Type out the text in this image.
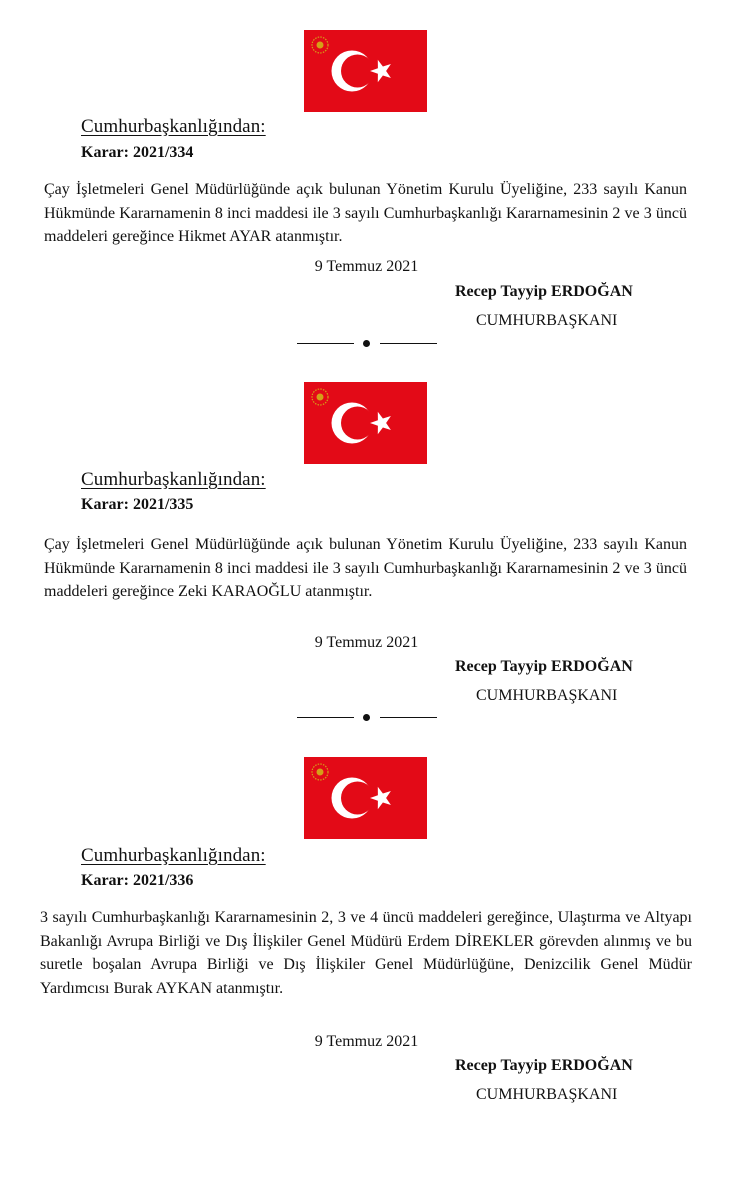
Cumhurbaşkanlığından:
Karar: 2021/334
Çay İşletmeleri Genel Müdürlüğünde açık bulunan Yönetim Kurulu Üyeliğine, 233 sayılı Kanun Hükmünde Kararnamenin 8 inci maddesi ile 3 sayılı Cumhurbaşkanlığı Kararnamesinin 2 ve 3 üncü maddeleri gereğince Hikmet AYAR atanmıştır.
9 Temmuz 2021
Recep Tayyip ERDOĞAN
CUMHURBAŞKANI
Cumhurbaşkanlığından:
Karar: 2021/335
Çay İşletmeleri Genel Müdürlüğünde açık bulunan Yönetim Kurulu Üyeliğine, 233 sayılı Kanun Hükmünde Kararnamenin 8 inci maddesi ile 3 sayılı Cumhurbaşkanlığı Kararnamesinin 2 ve 3 üncü maddeleri gereğince Zeki KARAOĞLU atanmıştır.
9 Temmuz 2021
Recep Tayyip ERDOĞAN
CUMHURBAŞKANI
Cumhurbaşkanlığından:
Karar: 2021/336
3 sayılı Cumhurbaşkanlığı Kararnamesinin 2, 3 ve 4 üncü maddeleri gereğince, Ulaştırma ve Altyapı Bakanlığı Avrupa Birliği ve Dış İlişkiler Genel Müdürü Erdem DİREKLER görevden alınmış ve bu suretle boşalan Avrupa Birliği ve Dış İlişkiler Genel Müdürlüğüne, Denizcilik Genel Müdür Yardımcısı Burak AYKAN atanmıştır.
9 Temmuz 2021
Recep Tayyip ERDOĞAN
CUMHURBAŞKANI
